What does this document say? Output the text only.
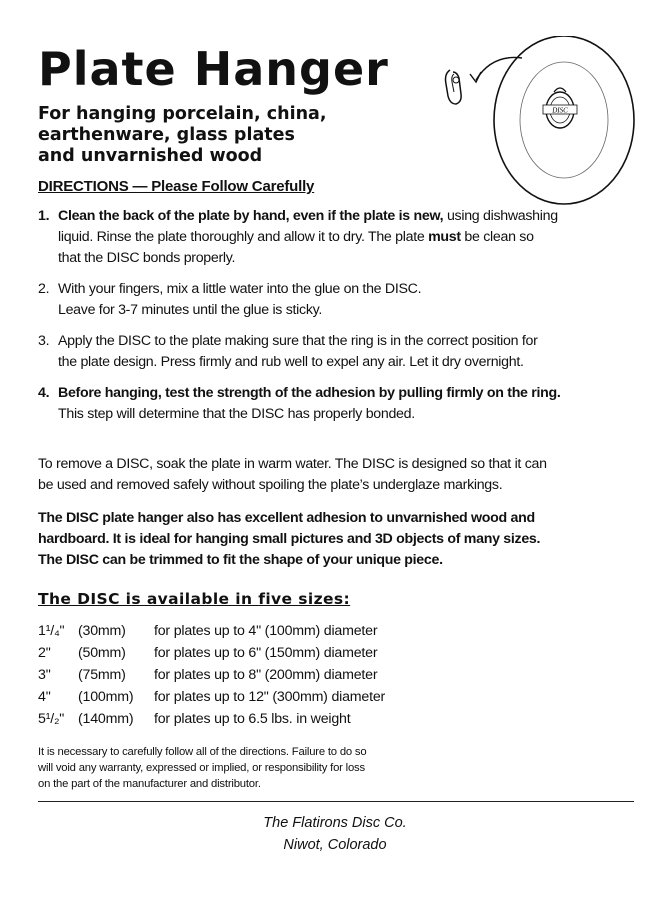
Plate Hanger
For hanging porcelain, china,
earthenware, glass plates
and unvarnished wood
DISC
DIRECTIONS — Please Follow Carefully
1. Clean the back of the plate by hand, even if the plate is new, using dishwashing
liquid. Rinse the plate thoroughly and allow it to dry. The plate must be clean so
that the DISC bonds properly.
2. With your fingers, mix a little water into the glue on the DISC.
Leave for 3-7 minutes until the glue is sticky.
3. Apply the DISC to the plate making sure that the ring is in the correct position for
the plate design. Press firmly and rub well to expel any air. Let it dry overnight.
4. Before hanging, test the strength of the adhesion by pulling firmly on the ring.
This step will determine that the DISC has properly bonded.

To remove a DISC, soak the plate in warm water. The DISC is designed so that it can
be used and removed safely without spoiling the plate’s underglaze markings.

The DISC plate hanger also has excellent adhesion to unvarnished wood and
hardboard. It is ideal for hanging small pictures and 3D objects of many sizes.
The DISC can be trimmed to fit the shape of your unique piece.

The DISC is available in five sizes:
1¹/₄" (30mm)	for plates up to 4" (100mm) diameter
2"	(50mm)	for plates up to 6" (150mm) diameter
3"	(75mm)	for plates up to 8" (200mm) diameter
4"	(100mm)	for plates up to 12" (300mm) diameter
5¹/₂" (140mm)	for plates up to 6.5 lbs. in weight

It is necessary to carefully follow all of the directions. Failure to do so
will void any warranty, expressed or implied, or responsibility for loss
on the part of the manufacturer and distributor.

The Flatirons Disc Co.
Niwot, Colorado
